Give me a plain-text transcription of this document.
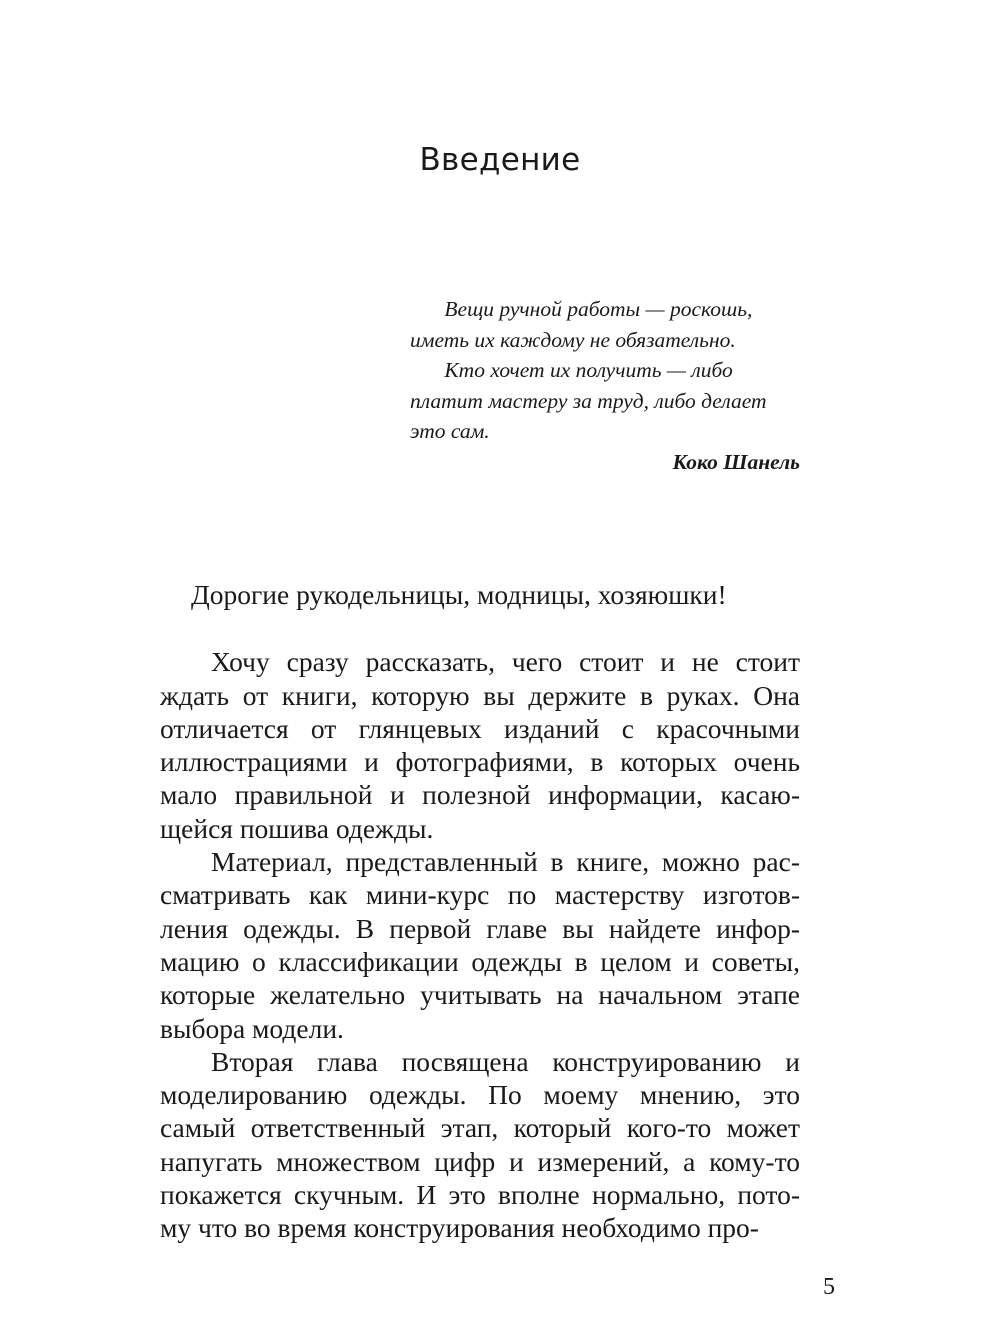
Введение

Вещи ручной работы — роскошь,

иметь их каждому не обязательно.

Кто хочет их получить — либо

платит мастеру за труд, либо делает

это сам.

Коко Шанель

Дорогие рукодельницы, модницы, хозяюшки!

Хочу сразу рассказать, чего стоит и не стоит
ждать от книги, которую вы держите в руках. Она
отличается от глянцевых изданий с красочными
иллюстрациями и фотографиями, в которых очень
мало правильной и полезной информации, касаю-
щейся пошива одежды.

Материал, представленный в книге, можно рас-
сматривать как мини-курс по мастерству изготов-
ления одежды. В первой главе вы найдете инфор-
мацию о классификации одежды в целом и советы,
которые желательно учитывать на начальном этапе
выбора модели.

Вторая глава посвящена конструированию и
моделированию одежды. По моему мнению, это
самый ответственный этап, который кого-то может
напугать множеством цифр и измерений, а кому-то
покажется скучным. И это вполне нормально, пото-
му что во время конструирования необходимо про-

5
